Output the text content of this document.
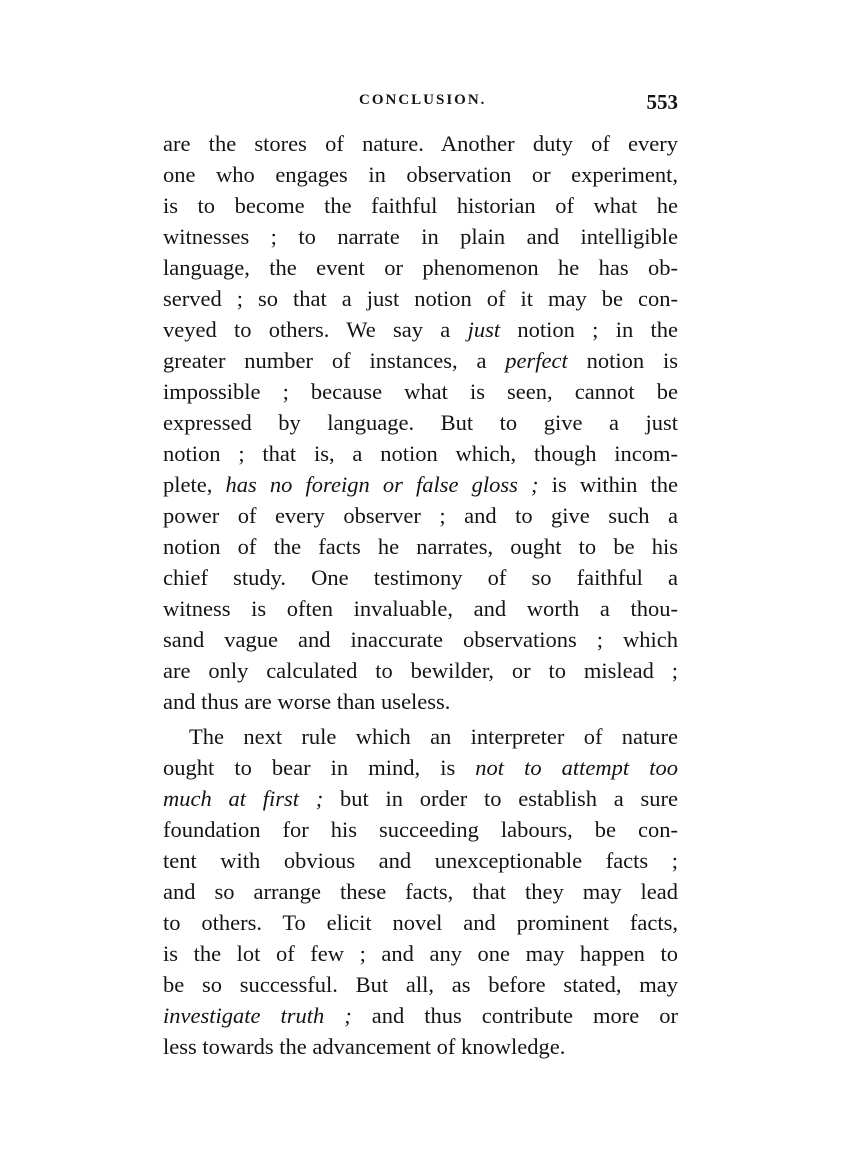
CONCLUSION.	553
are the stores of nature. Another duty of every
one who engages in observation or experiment,
is to become the faithful historian of what he
witnesses ; to narrate in plain and intelligible
language, the event or phenomenon he has ob-
served ; so that a just notion of it may be con-
veyed to others. We say a just notion ; in the
greater number of instances, a perfect notion is
impossible ; because what is seen, cannot be
expressed by language. But to give a just
notion ; that is, a notion which, though incom-
plete, has no foreign or false gloss ; is within the
power of every observer ; and to give such a
notion of the facts he narrates, ought to be his
chief study. One testimony of so faithful a
witness is often invaluable, and worth a thou-
sand vague and inaccurate observations ; which
are only calculated to bewilder, or to mislead ;
and thus are worse than useless.
The next rule which an interpreter of nature
ought to bear in mind, is not to attempt too
much at first ; but in order to establish a sure
foundation for his succeeding labours, be con-
tent with obvious and unexceptionable facts ;
and so arrange these facts, that they may lead
to others. To elicit novel and prominent facts,
is the lot of few ; and any one may happen to
be so successful. But all, as before stated, may
investigate truth ; and thus contribute more or
less towards the advancement of knowledge.
